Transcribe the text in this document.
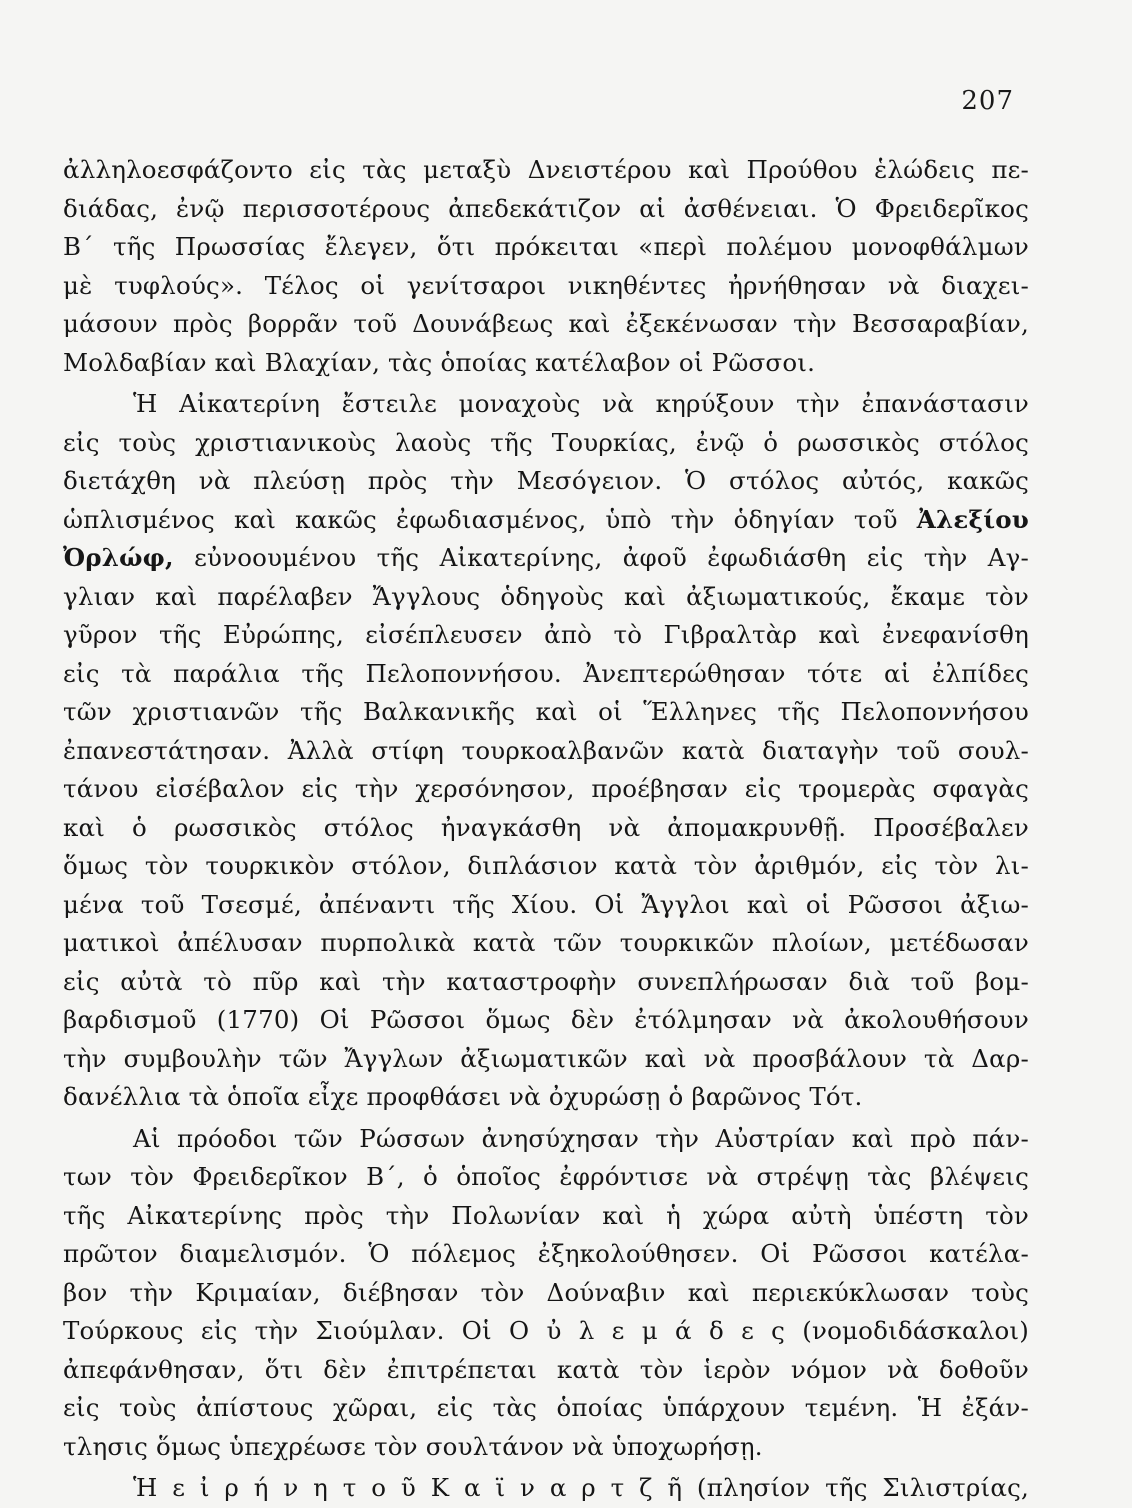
207
ἀλληλοεσφάζοντο εἰς τὰς μεταξὺ Δνειστέρου καὶ Προύθου ἑλώδεις πε-
διάδας, ἐνῷ περισσοτέρους ἀπεδεκάτιζον αἱ ἀσθένειαι. Ὁ Φρειδερῖκος
Β΄ τῆς Πρωσσίας ἔλεγεν, ὅτι πρόκειται «περὶ πολέμου μονοφθάλμων
μὲ τυφλούς». Τέλος οἱ γενίτσαροι νικηθέντες ἠρνήθησαν νὰ διαχει-
μάσουν πρὸς βορρᾶν τοῦ Δουνάβεως καὶ ἐξεκένωσαν τὴν Βεσσαραβίαν,
Μολδαβίαν καὶ Βλαχίαν, τὰς ὁποίας κατέλαβον οἱ Ρῶσσοι.
Ἡ Αἰκατερίνη ἔστειλε μοναχοὺς νὰ κηρύξουν τὴν ἐπανάστασιν
εἰς τοὺς χριστιανικοὺς λαοὺς τῆς Τουρκίας, ἐνῷ ὁ ρωσσικὸς στόλος
διετάχθη νὰ πλεύσῃ πρὸς τὴν Μεσόγειον. Ὁ στόλος αὐτός, κακῶς
ὡπλισμένος καὶ κακῶς ἐφωδιασμένος, ὑπὸ τὴν ὁδηγίαν τοῦ Ἀλεξίου
Ὀρλώφ, εὐνοουμένου τῆς Αἰκατερίνης, ἀφοῦ ἐφωδιάσθη εἰς τὴν Αγ-
γλιαν καὶ παρέλαβεν Ἄγγλους ὁδηγοὺς καὶ ἀξιωματικούς, ἔκαμε τὸν
γῦρον τῆς Εὐρώπης, εἰσέπλευσεν ἀπὸ τὸ Γιβραλτὰρ καὶ ἐνεφανίσθη
εἰς τὰ παράλια τῆς Πελοποννήσου. Ἀνεπτερώθησαν τότε αἱ ἐλπίδες
τῶν χριστιανῶν τῆς Βαλκανικῆς καὶ οἱ Ἕλληνες τῆς Πελοποννήσου
ἐπανεστάτησαν. Ἀλλὰ στίφη τουρκοαλβανῶν κατὰ διαταγὴν τοῦ σουλ-
τάνου εἰσέβαλον εἰς τὴν χερσόνησον, προέβησαν εἰς τρομερὰς σφαγὰς
καὶ ὁ ρωσσικὸς στόλος ἠναγκάσθη νὰ ἀπομακρυνθῇ. Προσέβαλεν
ὅμως τὸν τουρκικὸν στόλον, διπλάσιον κατὰ τὸν ἀριθμόν, εἰς τὸν λι-
μένα τοῦ Τσεσμέ, ἀπέναντι τῆς Χίου. Οἱ Ἄγγλοι καὶ οἱ Ρῶσσοι ἀξιω-
ματικοὶ ἀπέλυσαν πυρπολικὰ κατὰ τῶν τουρκικῶν πλοίων, μετέδωσαν
εἰς αὐτὰ τὸ πῦρ καὶ τὴν καταστροφὴν συνεπλήρωσαν διὰ τοῦ βομ-
βαρδισμοῦ (1770) Οἱ Ρῶσσοι ὅμως δὲν ἐτόλμησαν νὰ ἀκολουθήσουν
τὴν συμβουλὴν τῶν Ἄγγλων ἀξιωματικῶν καὶ νὰ προσβάλουν τὰ Δαρ-
δανέλλια τὰ ὁποῖα εἶχε προφθάσει νὰ ὀχυρώσῃ ὁ βαρῶνος Τότ.
Αἱ πρόοδοι τῶν Ρώσσων ἀνησύχησαν τὴν Αὐστρίαν καὶ πρὸ πάν-
των τὸν Φρειδερῖκον Β΄, ὁ ὁποῖος ἐφρόντισε νὰ στρέψῃ τὰς βλέψεις
τῆς Αἰκατερίνης πρὸς τὴν Πολωνίαν καὶ ἡ χώρα αὐτὴ ὑπέστη τὸν
πρῶτον διαμελισμόν. Ὁ πόλεμος ἐξηκολούθησεν. Οἱ Ρῶσσοι κατέλα-
βον τὴν Κριμαίαν, διέβησαν τὸν Δούναβιν καὶ περιεκύκλωσαν τοὺς
Τούρκους εἰς τὴν Σιούμλαν. Οἱ Ο ὐ λ ε μ ά δ ε ς (νομοδιδάσκαλοι)
ἀπεφάνθησαν, ὅτι δὲν ἐπιτρέπεται κατὰ τὸν ἱερὸν νόμον νὰ δοθοῦν
εἰς τοὺς ἀπίστους χῶραι, εἰς τὰς ὁποίας ὑπάρχουν τεμένη. Ἡ ἐξάν-
τλησις ὅμως ὑπεχρέωσε τὸν σουλτάνον νὰ ὑποχωρήσῃ.
Ἡ ε ἰ ρ ή ν η τ ο ῦ Κ α ϊ ν α ρ τ ζ ῆ (πλησίον τῆς Σιλιστρίας,
